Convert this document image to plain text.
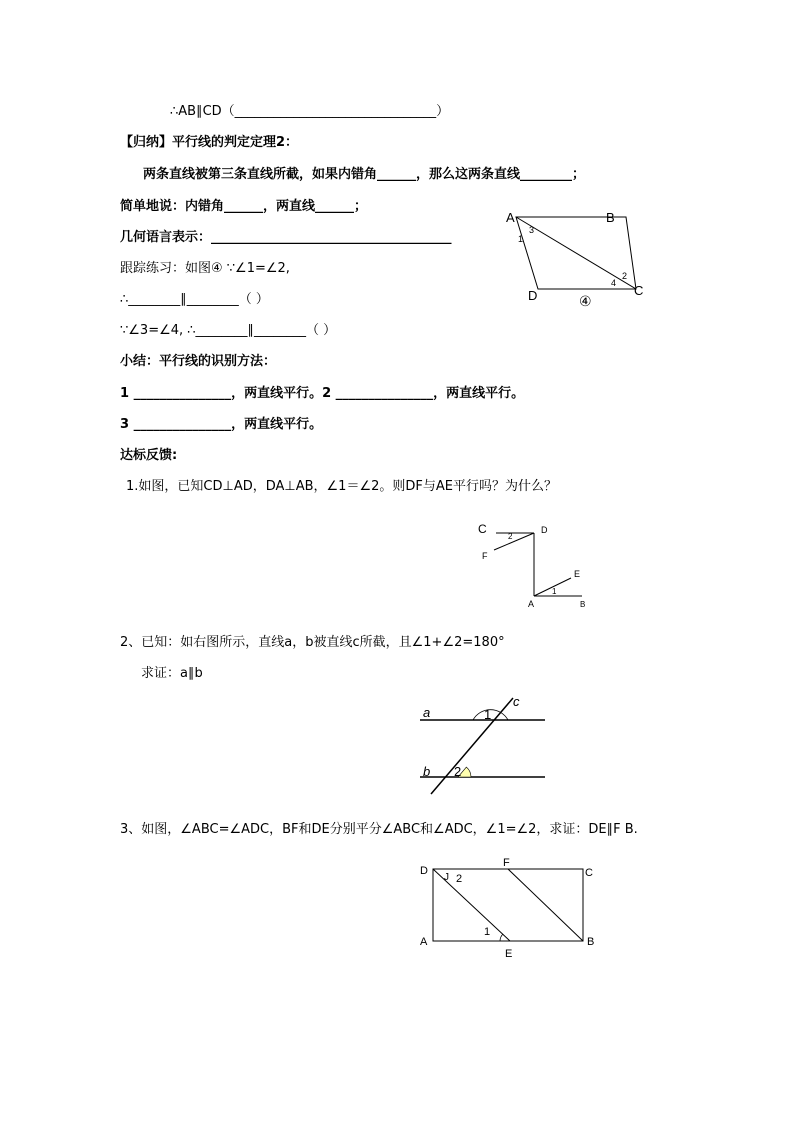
∴AB∥CD（_______________________________）
【归纳】平行线的判定定理2：
两条直线被第三条直线所截，如果内错角______，那么这两条直线________；
简单地说：内错角______，两直线______；
几何语言表示：_____________________________________
跟踪练习：如图④ ∵∠1=∠2,
∴________∥________（ ）
∵∠3=∠4, ∴________∥________（ ）
小结：平行线的识别方法：
1 _______________，两直线平行。2 _______________，两直线平行。
3 _______________，两直线平行。
达标反馈:
1.如图，已知CD⊥AD，DA⊥AB，∠1＝∠2。则DF与AE平行吗？为什么？
2、已知：如右图所示，直线a，b被直线c所截，且∠1+∠2=180°
求证：a∥b
3、如图，∠ABC=∠ADC，BF和DE分别平分∠ABC和∠ADC，∠1=∠2，求证：DE∥F B.
A	B
C
D
1
3
2
4
④
C	D
F
E
A	B
1
2
a
b
c
1
2
D
F
C
A
E
B
1
2
J
